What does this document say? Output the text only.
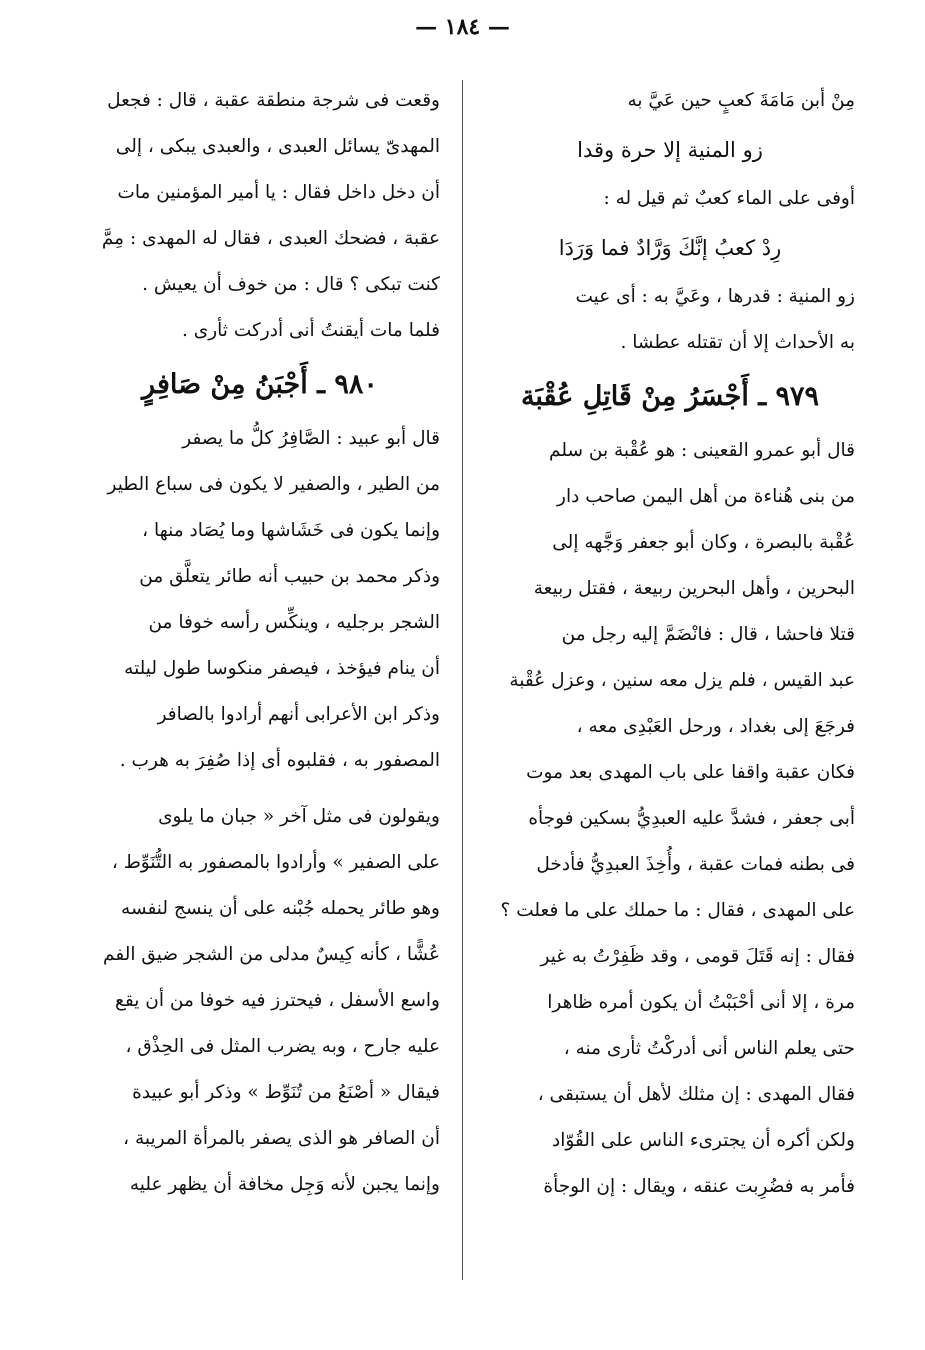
— ١٨٤ —
مِنْ أبن مَامَةَ كعبٍ حين عَيَّ به
زو المنية إلا حرة وقدا
أوفى على الماء كعبٌ ثم قيل له :
رِدْ كعبُ إنَّكَ وَرَّادٌ فما وَرَدَا
زو المنية : قدرها ، وعَيَّ به : أى عيت
به الأحداث إلا أن تقتله عطشا .
٩٧٩ ـ أَجْسَرُ مِنْ قَاتِلِ عُقْبَة
قال أبو عمرو القعينى : هو عُقْبة بن سلم
من بنى هُناءة من أهل اليمن صاحب دار
عُقْبة بالبصرة ، وكان أبو جعفر وَجَّهه إلى
البحرين ، وأهل البحرين ربيعة ، فقتل ربيعة
قتلا فاحشا ، قال : فانْضَمَّ إليه رجل من
عبد القيس ، فلم يزل معه سنين ، وعزل عُقْبة
فرجَعَ إلى بغداد ، ورحل العَبْدِى معه ،
فكان عقبة واقفا على باب المهدى بعد موت
أبى جعفر ، فشدَّ عليه العبدِيُّ بسكين فوجأه
فى بطنه فمات عقبة ، وأُخِذَ العبدِيُّ فأدخل
على المهدى ، فقال : ما حملك على ما فعلت ؟
فقال : إنه قَتَلَ قومى ، وقد ظَفِرْتُ به غير
مرة ، إلا أنى أحْبَبْتُ أن يكون أمره ظاهرا
حتى يعلم الناس أنى أدركْتُ ثأرى منه ،
فقال المهدى : إن مثلك لأهل أن يستبقى ،
ولكن أكره أن يجترىء الناس على القُوّاد
فأمر به فضُرِبت عنقه ، ويقال : إن الوجأة
وقعت فى شرجة منطقة عقبة ، قال : فجعل
المهدىّ يسائل العبدى ، والعبدى يبكى ، إلى
أن دخل داخل فقال : يا أمير المؤمنين مات
عقبة ، فضحك العبدى ، فقال له المهدى : مِمَّ
كنت تبكى ؟ قال : من خوف أن يعيش .
فلما مات أيقنتُ أنى أدركت ثأرى .
٩٨٠ ـ أَجْبَنُ مِنْ صَافِرٍ
قال أبو عبيد : الصَّافِرُ كلُّ ما يصفر
من الطير ، والصفير لا يكون فى سباع الطير
وإنما يكون فى خَشَاشها وما يُصَاد منها ،
وذكر محمد بن حبيب أنه طائر يتعلَّق من
الشجر برجليه ، وينكِّس رأسه خوفا من
أن ينام فيؤخذ ، فيصفر منكوسا طول ليلته
وذكر ابن الأعرابى أنهم أرادوا بالصافر
المصفور به ، فقلبوه أى إذا صُفِرَ به هرب .
ويقولون فى مثل آخر « جبان ما يلوى
على الصفير » وأرادوا بالمصفور به التُّنَوِّط ،
وهو طائر يحمله جُبْنه على أن ينسج لنفسه
عُشًّا ، كأنه كِيسٌ مدلى من الشجر ضيق الفم
واسع الأسفل ، فيحترز فيه خوفا من أن يقع
عليه جارح ، وبه يضرب المثل فى الحِذْق ،
فيقال « أصْنَعُ من تُنَوِّط » وذكر أبو عبيدة
أن الصافر هو الذى يصفر بالمرأة المريبة ،
وإنما يجبن لأنه وَجِل مخافة أن يظهر عليه
